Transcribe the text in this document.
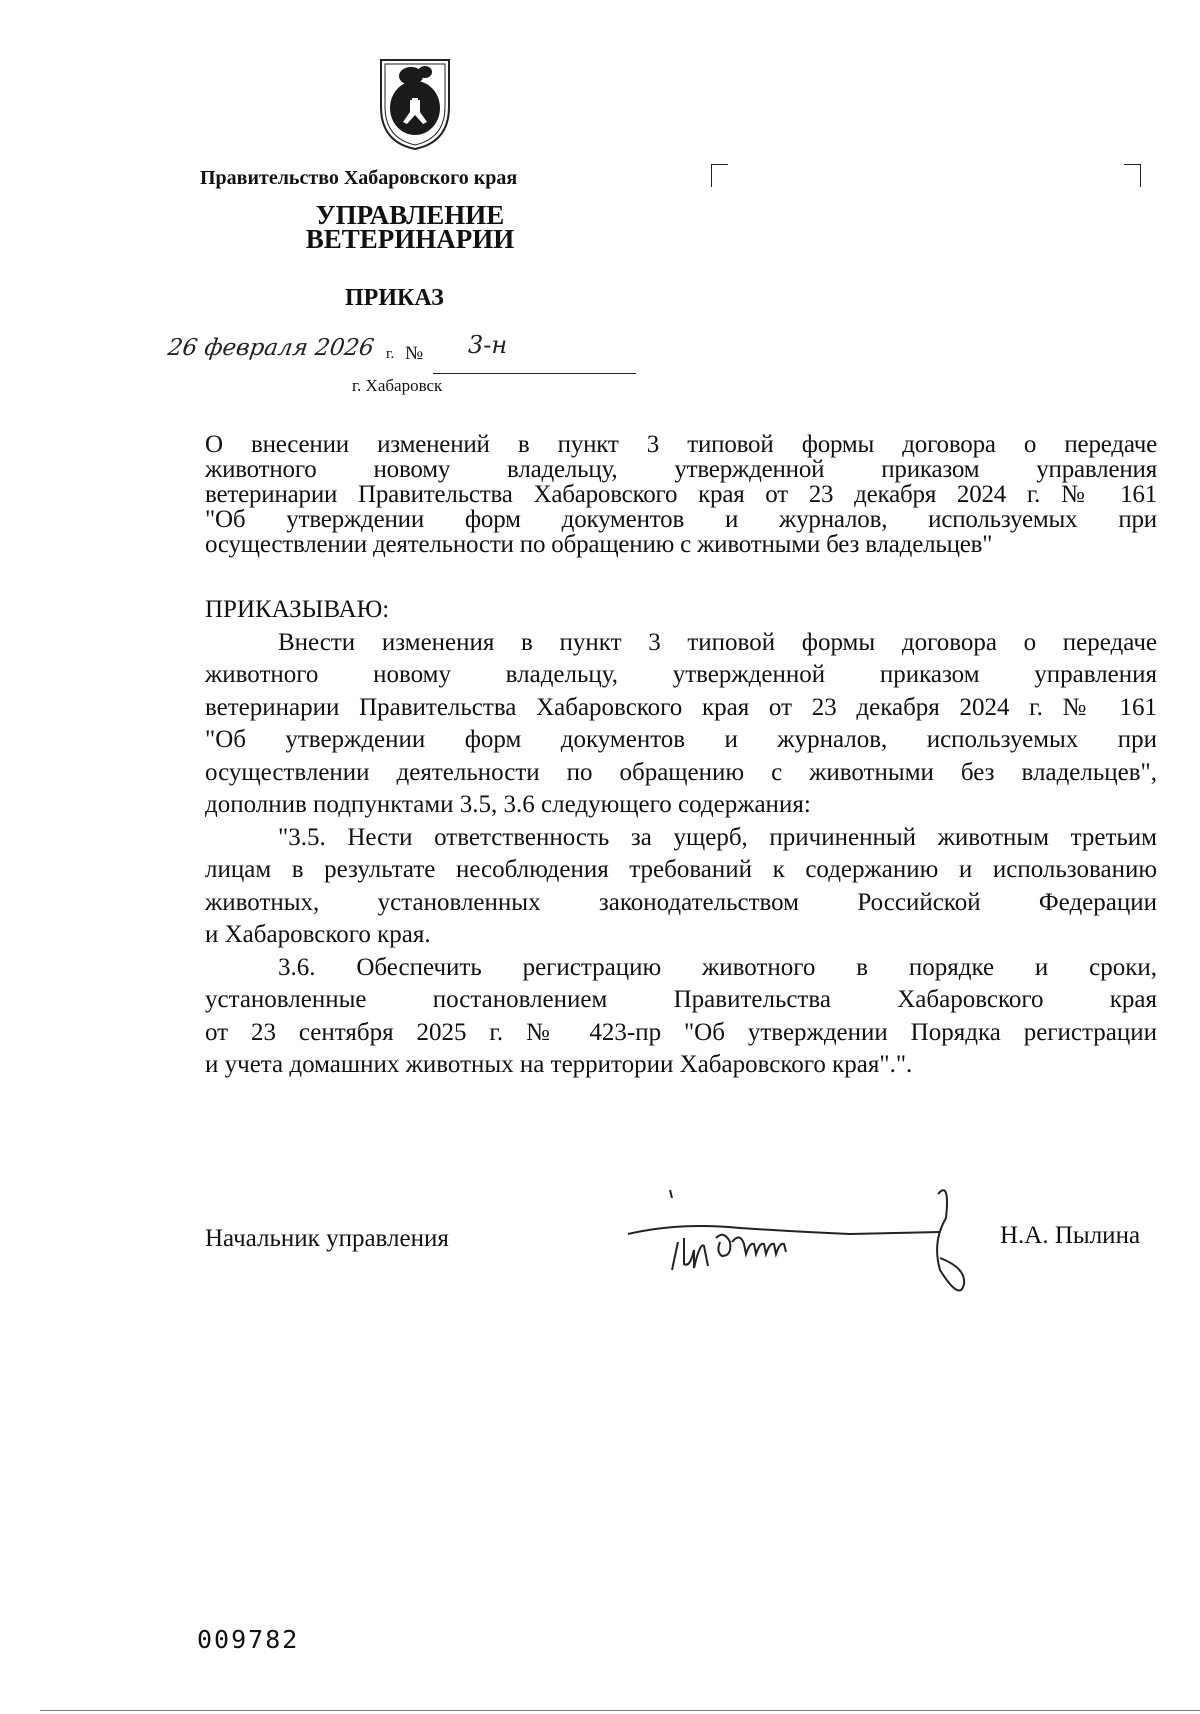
Правительство Хабаровского края
УПРАВЛЕНИЕ
ВЕТЕРИНАРИИ
ПРИКАЗ
26 февраля 2026 г. № 3-н
г. Хабаровск
О внесении изменений в пункт 3 типовой формы договора о передаче
животного новому владельцу, утвержденной приказом управления
ветеринарии Правительства Хабаровского края от 23 декабря 2024 г. № 161
"Об утверждении форм документов и журналов, используемых при
осуществлении деятельности по обращению с животными без владельцев"
ПРИКАЗЫВАЮ:
Внести изменения в пункт 3 типовой формы договора о передаче
животного новому владельцу, утвержденной приказом управления
ветеринарии Правительства Хабаровского края от 23 декабря 2024 г. № 161
"Об утверждении форм документов и журналов, используемых при
осуществлении деятельности по обращению с животными без владельцев",
дополнив подпунктами 3.5, 3.6 следующего содержания:
"3.5. Нести ответственность за ущерб, причиненный животным третьим
лицам в результате несоблюдения требований к содержанию и использованию
животных, установленных законодательством Российской Федерации
и Хабаровского края.
3.6. Обеспечить регистрацию животного в порядке и сроки,
установленные постановлением Правительства Хабаровского края
от 23 сентября 2025 г. № 423-пр "Об утверждении Порядка регистрации
и учета домашних животных на территории Хабаровского края".".
Начальник управления	Н.А. Пылина
009782
